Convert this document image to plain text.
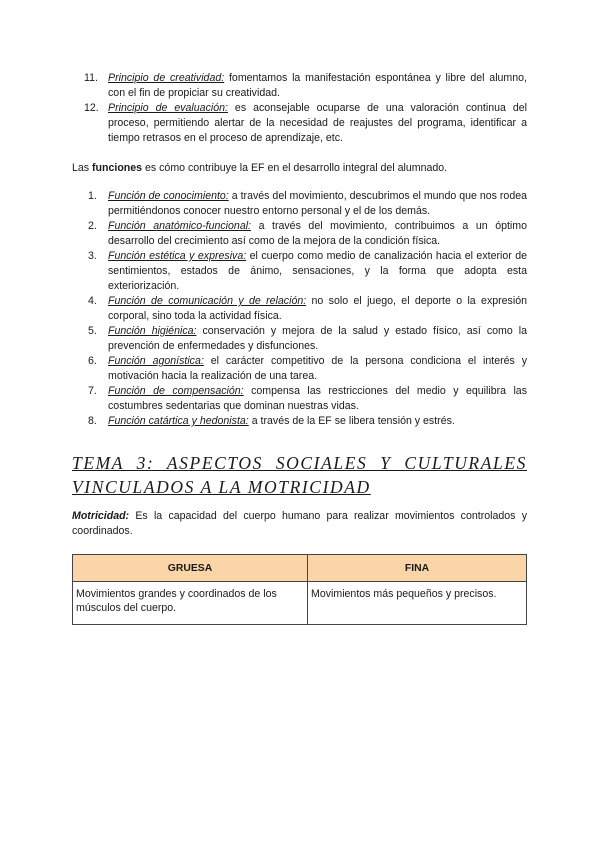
11. Principio de creatividad: fomentamos la manifestación espontánea y libre del alumno, con el fin de propiciar su creatividad.
12. Principio de evaluación: es aconsejable ocuparse de una valoración continua del proceso, permitiendo alertar de la necesidad de reajustes del programa, identificar a tiempo retrasos en el proceso de aprendizaje, etc.
Las funciones es cómo contribuye la EF en el desarrollo integral del alumnado.
1. Función de conocimiento: a través del movimiento, descubrimos el mundo que nos rodea permitiéndonos conocer nuestro entorno personal y el de los demás.
2. Función anatómico-funcional: a través del movimiento, contribuimos a un óptimo desarrollo del crecimiento así como de la mejora de la condición física.
3. Función estética y expresiva: el cuerpo como medio de canalización hacia el exterior de sentimientos, estados de ánimo, sensaciones, y la forma que adopta esta exteriorización.
4. Función de comunicación y de relación: no solo el juego, el deporte o la expresión corporal, sino toda la actividad física.
5. Función higiénica: conservación y mejora de la salud y estado físico, así como la prevención de enfermedades y disfunciones.
6. Función agonística: el carácter competitivo de la persona condiciona el interés y motivación hacia la realización de una tarea.
7. Función de compensación: compensa las restricciones del medio y equilibra las costumbres sedentarias que dominan nuestras vidas.
8. Función catártica y hedonista: a través de la EF se libera tensión y estrés.
TEMA 3: ASPECTOS SOCIALES Y CULTURALES VINCULADOS A LA MOTRICIDAD
Motricidad: Es la capacidad del cuerpo humano para realizar movimientos controlados y coordinados.
GRUESA	FINA
Movimientos grandes y coordinados de los músculos del cuerpo.	Movimientos más pequeños y precisos.
